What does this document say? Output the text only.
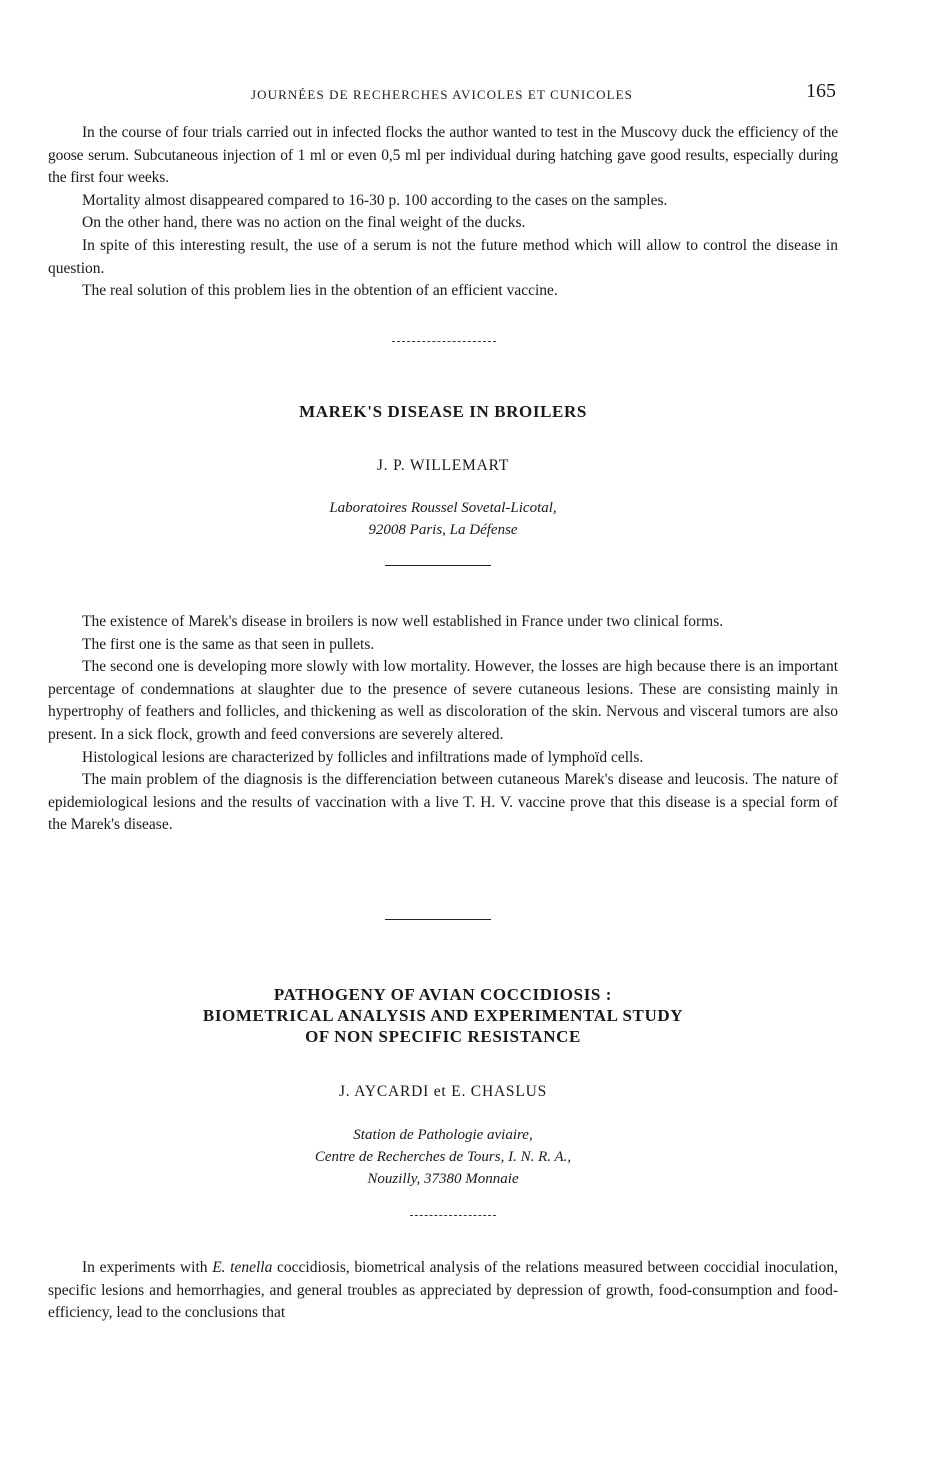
JOURNÉES DE RECHERCHES AVICOLES ET CUNICOLES	165

In the course of four trials carried out in infected flocks the author wanted to test in the Muscovy duck the efficiency of the goose serum. Subcutaneous injection of 1 ml or even 0,5 ml per individual during hatching gave good results, especially during the first four weeks.

Mortality almost disappeared compared to 16-30 p. 100 according to the cases on the samples.

On the other hand, there was no action on the final weight of the ducks.

In spite of this interesting result, the use of a serum is not the future method which will allow to control the disease in question.

The real solution of this problem lies in the obtention of an efficient vaccine.

MAREK'S DISEASE IN BROILERS
J. P. WILLEMART
Laboratoires Roussel Sovetal-Licotal,
92008 Paris, La Défense

The existence of Marek's disease in broilers is now well established in France under two clinical forms.

The first one is the same as that seen in pullets.

The second one is developing more slowly with low mortality. However, the losses are high because there is an important percentage of condemnations at slaughter due to the presence of severe cutaneous lesions. These are consisting mainly in hypertrophy of feathers and follicles, and thickening as well as discoloration of the skin. Nervous and visceral tumors are also present. In a sick flock, growth and feed conversions are severely altered.

Histological lesions are characterized by follicles and infiltrations made of lymphoïd cells.

The main problem of the diagnosis is the differenciation between cutaneous Marek's disease and leucosis. The nature of epidemiological lesions and the results of vaccination with a live T. H. V. vaccine prove that this disease is a special form of the Marek's disease.

PATHOGENY OF AVIAN COCCIDIOSIS :
BIOMETRICAL ANALYSIS AND EXPERIMENTAL STUDY
OF NON SPECIFIC RESISTANCE
J. AYCARDI et E. CHASLUS
Station de Pathologie aviaire,
Centre de Recherches de Tours, I. N. R. A.,
Nouzilly, 37380 Monnaie

In experiments with E. tenella coccidiosis, biometrical analysis of the relations measured between coccidial inoculation, specific lesions and hemorrhagies, and general troubles as appreciated by depression of growth, food-consumption and food-efficiency, lead to the conclusions that
